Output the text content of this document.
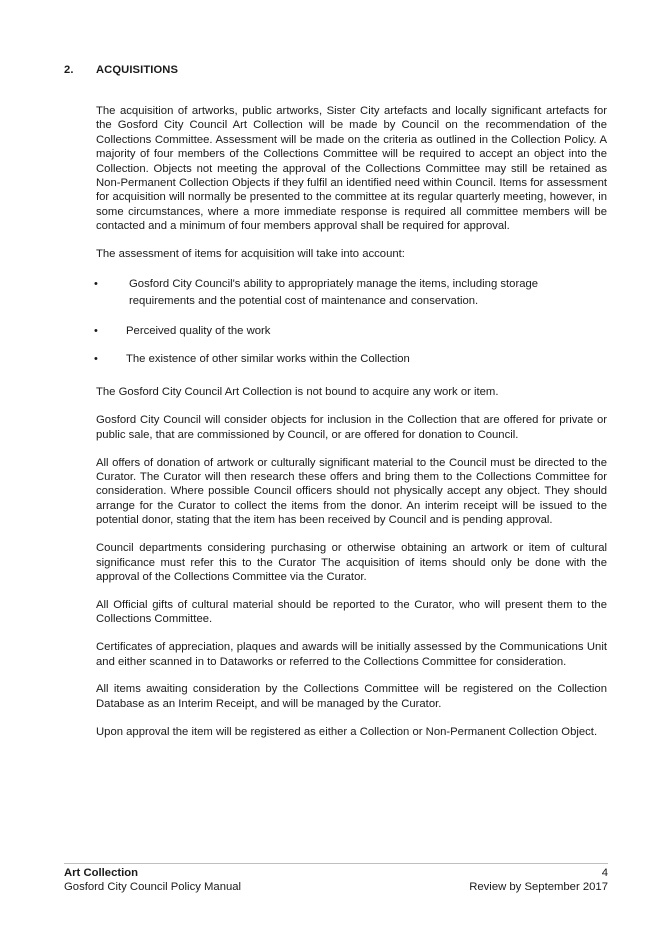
2. ACQUISITIONS

The acquisition of artworks, public artworks, Sister City artefacts and locally significant artefacts for the Gosford City Council Art Collection will be made by Council on the recommendation of the Collections Committee. Assessment will be made on the criteria as outlined in the Collection Policy. A majority of four members of the Collections Committee will be required to accept an object into the Collection. Objects not meeting the approval of the Collections Committee may still be retained as Non-Permanent Collection Objects if they fulfil an identified need within Council. Items for assessment for acquisition will normally be presented to the committee at its regular quarterly meeting, however, in some circumstances, where a more immediate response is required all committee members will be contacted and a minimum of four members approval shall be required for approval.

The assessment of items for acquisition will take into account:

•	Gosford City Council's ability to appropriately manage the items, including storage requirements and the potential cost of maintenance and conservation.
• Perceived quality of the work
• The existence of other similar works within the Collection

The Gosford City Council Art Collection is not bound to acquire any work or item.

Gosford City Council will consider objects for inclusion in the Collection that are offered for private or public sale, that are commissioned by Council, or are offered for donation to Council.

All offers of donation of artwork or culturally significant material to the Council must be directed to the Curator. The Curator will then research these offers and bring them to the Collections Committee for consideration. Where possible Council officers should not physically accept any object. They should arrange for the Curator to collect the items from the donor. An interim receipt will be issued to the potential donor, stating that the item has been received by Council and is pending approval.

Council departments considering purchasing or otherwise obtaining an artwork or item of cultural significance must refer this to the Curator The acquisition of items should only be done with the approval of the Collections Committee via the Curator.

All Official gifts of cultural material should be reported to the Curator, who will present them to the Collections Committee.

Certificates of appreciation, plaques and awards will be initially assessed by the Communications Unit and either scanned in to Dataworks or referred to the Collections Committee for consideration.

All items awaiting consideration by the Collections Committee will be registered on the Collection Database as an Interim Receipt, and will be managed by the Curator.

Upon approval the item will be registered as either a Collection or Non-Permanent Collection Object.

Art Collection	4
Gosford City Council Policy Manual	Review by September 2017
